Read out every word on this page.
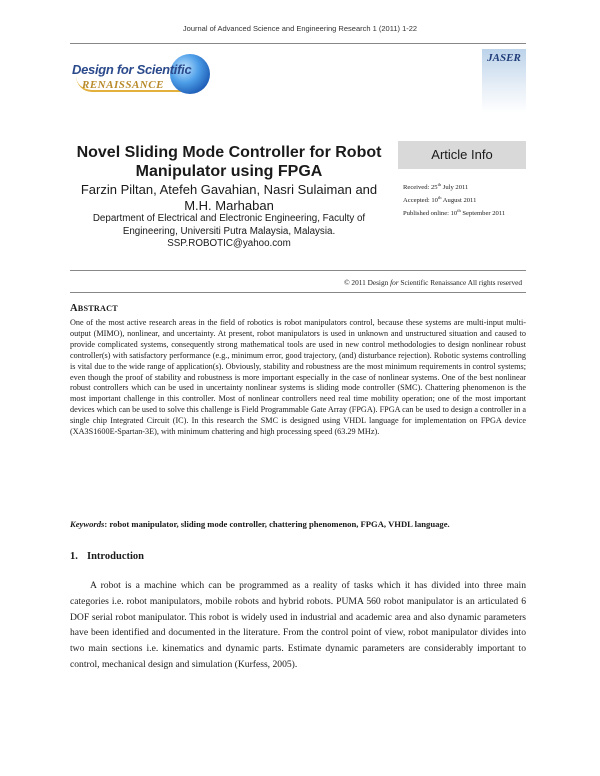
Journal of Advanced Science and Engineering Research 1 (2011) 1-22
Design for Scientific
RENAISSANCE
JASER
Novel Sliding Mode Controller for Robot Manipulator using FPGA
Farzin Piltan, Atefeh Gavahian, Nasri Sulaiman and M.H. Marhaban
Department of Electrical and Electronic Engineering, Faculty of Engineering, Universiti Putra Malaysia, Malaysia.
SSP.ROBOTIC@yahoo.com
Article Info
Received: 25th July 2011
Accepted: 10th August 2011
Published online: 10th September 2011
© 2011 Design for Scientific Renaissance All rights reserved
ABSTRACT
One of the most active research areas in the field of robotics is robot manipulators control, because these systems are multi-input multi-output (MIMO), nonlinear, and uncertainty. At present, robot manipulators is used in unknown and unstructured situation and caused to provide complicated systems, consequently strong mathematical tools are used in new control methodologies to design nonlinear robust controller(s) with satisfactory performance (e.g., minimum error, good trajectory, (and) disturbance rejection). Robotic systems controlling is vital due to the wide range of application(s). Obviously, stability and robustness are the most minimum requirements in control systems; even though the proof of stability and robustness is more important especially in the case of nonlinear systems. One of the best nonlinear robust controllers which can be used in uncertainty nonlinear systems is sliding mode controller (SMC). Chattering phenomenon is the most important challenge in this controller. Most of nonlinear controllers need real time mobility operation; one of the most important devices which can be used to solve this challenge is Field Programmable Gate Array (FPGA). FPGA can be used to design a controller in a single chip Integrated Circuit (IC). In this research the SMC is designed using VHDL language for implementation on FPGA device (XA3S1600E-Spartan-3E), with minimum chattering and high processing speed (63.29 MHz).
Keywords: robot manipulator, sliding mode controller, chattering phenomenon, FPGA, VHDL language.
1. Introduction
A robot is a machine which can be programmed as a reality of tasks which it has divided into three main categories i.e. robot manipulators, mobile robots and hybrid robots. PUMA 560 robot manipulator is an articulated 6 DOF serial robot manipulator. This robot is widely used in industrial and academic area and also dynamic parameters have been identified and documented in the literature. From the control point of view, robot manipulator divides into two main sections i.e. kinematics and dynamic parts. Estimate dynamic parameters are considerably important to control, mechanical design and simulation (Kurfess, 2005).
